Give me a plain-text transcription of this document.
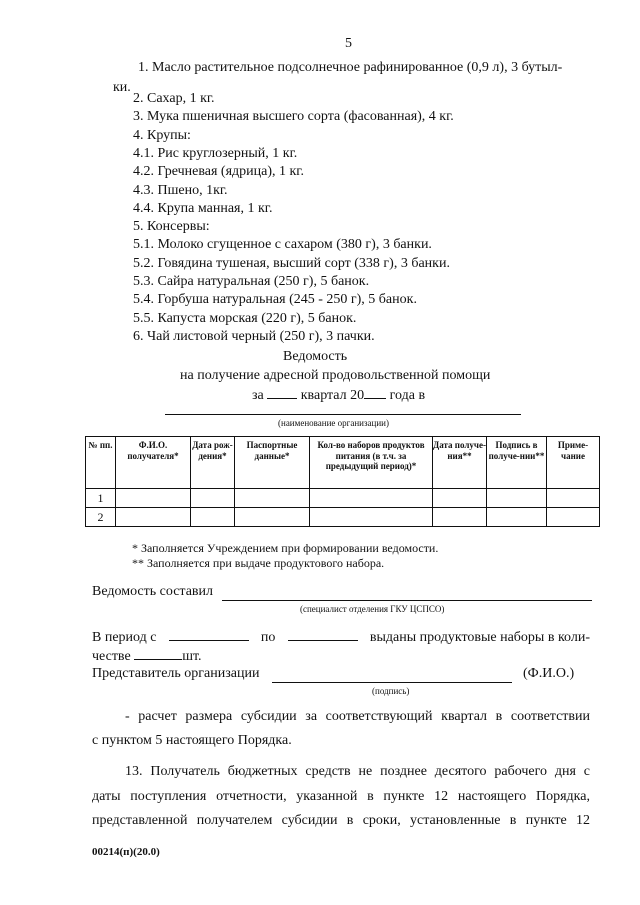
5
1. Масло растительное подсолнечное рафинированное (0,9 л), 3 бутыл-
ки.
2. Сахар, 1 кг.
3. Мука пшеничная высшего сорта (фасованная), 4 кг.
4. Крупы:
4.1. Рис круглозерный, 1 кг.
4.2. Гречневая (ядрица), 1 кг.
4.3. Пшено, 1кг.
4.4. Крупа манная, 1 кг.
5. Консервы:
5.1. Молоко сгущенное с сахаром (380 г), 3 банки.
5.2. Говядина тушеная, высший сорт (338 г), 3 банки.
5.3. Сайра натуральная (250 г), 5 банок.
5.4. Горбуша натуральная (245 - 250 г), 5 банок.
5.5. Капуста морская (220 г), 5 банок.
6. Чай листовой черный (250 г), 3 пачки.
Ведомость
на получение адресной продовольственной помощи
за	квартал 20 года в
(наименование организации)
№ пп.	Ф.И.О. получателя*	Дата рож-дения*	Паспортные данные*	Кол-во наборов продуктов питания (в т.ч. за предыдущий период)*	Дата получе-ния**	Подпись в получе-нии**	Приме-чание
1							
2							
* Заполняется Учреждением при формировании ведомости.
** Заполняется при выдаче продуктового набора.
Ведомость составил
(специалист отделения ГКУ ЦСПСО)
В период с	по	выданы продуктовые наборы в коли-
честве	шт.
Представитель организации	(Ф.И.О.)
(подпись)
- расчет размера субсидии за соответствующий квартал в соответствии
с пунктом 5 настоящего Порядка.
13. Получатель бюджетных средств не позднее десятого рабочего дня с
даты поступления отчетности, указанной в пункте 12 настоящего Порядка,
представленной получателем субсидии в сроки, установленные в пункте 12
00214(п)(20.0)
